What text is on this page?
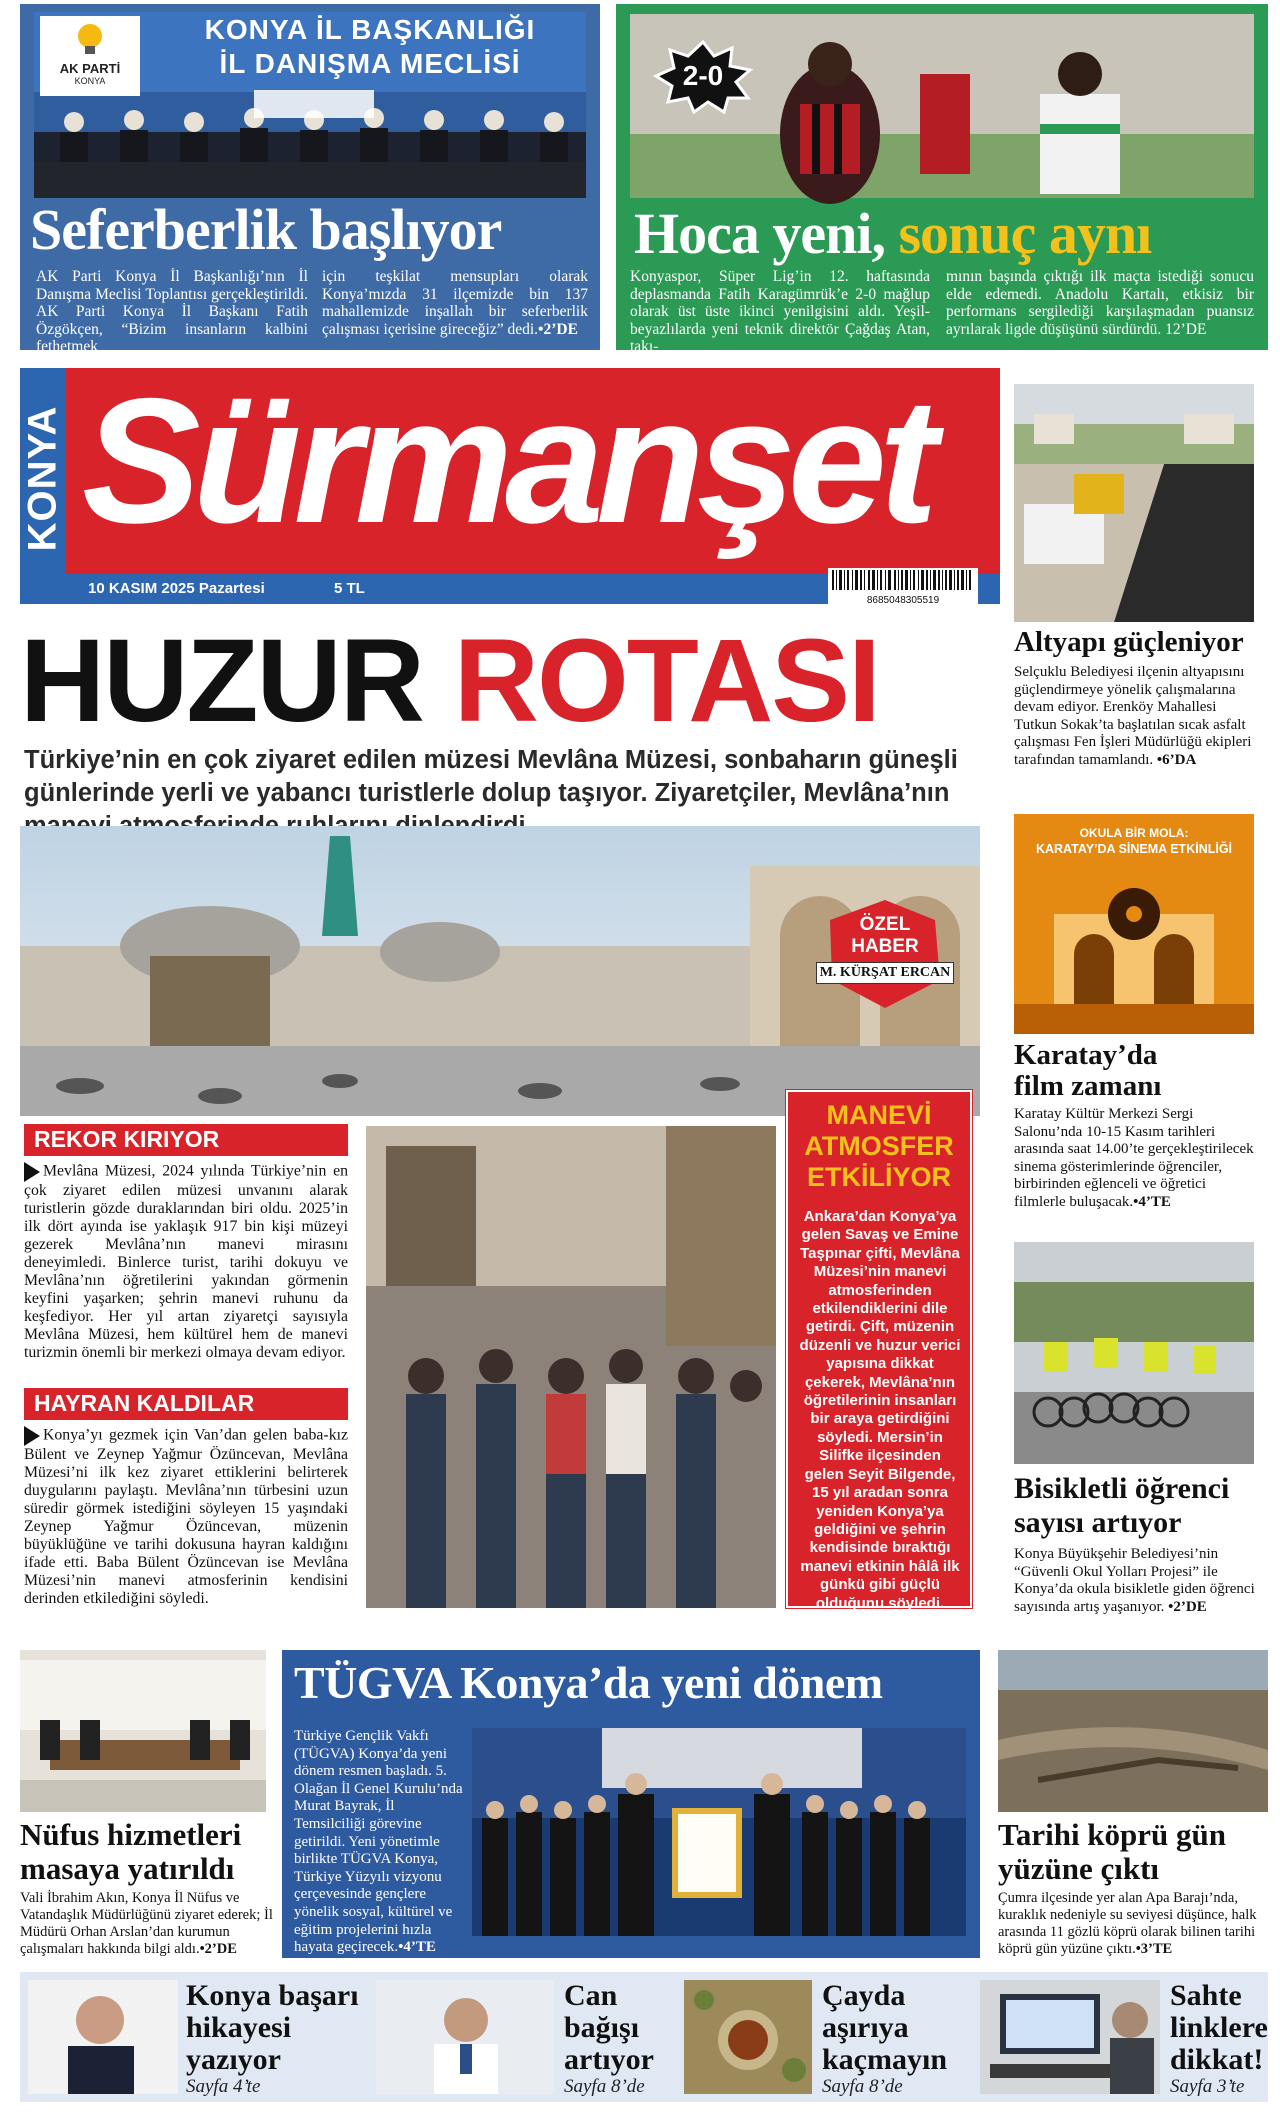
AK PARTİ
KONYA
KONYA İL BAŞKANLIĞI
İL DANIŞMA MECLİSİ
Seferberlik başlıyor
AK Parti Konya İl Başkanlığı’nın İl Danışma Meclisi Toplantısı gerçekleştirildi. AK Parti Konya İl Başkanı Fatih Özgökçen, “Bizim insanların kalbini fethetmek
için teşkilat mensupları olarak Konya’mızda 31 ilçemizde bin 137 mahallemizde inşallah bir seferberlik çalışması içerisine gireceğiz” dedi.•2’DE
2-0
Hoca yeni, sonuç aynı
Konyaspor, Süper Lig’in 12. haftasında deplasmanda Fatih Karagümrük’e 2-0 mağlup olarak üst üste ikinci yenilgisini aldı. Yeşil-beyazlılarda yeni teknik direktör Çağdaş Atan, takı-
mının başında çıktığı ilk maçta istediği sonucu elde edemedi. Anadolu Kartalı, etkisiz bir performans sergilediği karşılaşmadan puansız ayrılarak ligde düşüşünü sürdürdü. 12’DE
KONYA Sürmanşet
10 KASIM 2025 Pazartesi	5 TL
8685048305519
HUZUR ROTASI
Türkiye’nin en çok ziyaret edilen müzesi Mevlâna Müzesi, sonbaharın güneşli günlerinde yerli ve yabancı turistlerle dolup taşıyor. Ziyaretçiler, Mevlâna’nın
ÖZEL
HABER
M. KÜRŞAT ERCAN
REKOR KIRIYOR
Mevlâna Müzesi, 2024 yılında Türkiye’nin en çok ziyaret edilen müzesi unvanını alarak turistlerin gözde duraklarından biri oldu. 2025’in ilk dört ayında ise yaklaşık 917 bin kişi müzeyi gezerek Mevlâna’nın manevi mirasını deneyimledi. Binlerce turist, tarihi dokuyu ve Mevlâna’nın öğretilerini yakından görmenin keyfini yaşarken; şehrin manevi ruhunu da keşfediyor. Her yıl artan ziyaretçi sayısıyla Mevlâna Müzesi, hem kültürel hem de manevi turizmin önemli bir merkezi olmaya devam ediyor.
HAYRAN KALDILAR
Konya’yı gezmek için Van’dan gelen baba-kız Bülent ve Zeynep Yağmur Özüncevan, Mevlâna Müzesi’ni ilk kez ziyaret ettiklerini belirterek duygularını paylaştı. Mevlâna’nın türbesini uzun süredir görmek istediğini söyleyen 15 yaşındaki Zeynep Yağmur Özüncevan, müzenin büyüklüğüne ve tarihi dokusuna hayran kaldığını ifade etti. Baba Bülent Özüncevan ise Mevlâna Müzesi’nin manevi atmosferinin kendisini derinden etkilediğini söyledi.
MANEVİ
ATMOSFER
ETKİLİYOR
Ankara’dan Konya’ya gelen Savaş ve Emine Taşpınar çifti, Mevlâna Müzesi’nin manevi atmosferinden etkilendiklerini dile getirdi. Çift, müzenin düzenli ve huzur verici yapısına dikkat çekerek, Mevlâna’nın öğretilerinin insanları bir araya getirdiğini söyledi. Mersin’in Silifke ilçesinden gelen Seyit Bilgende, 15 yıl aradan sonra yeniden Konya’ya geldiğini ve şehrin kendisinde bıraktığı manevi etkinin hâlâ ilk günkü gibi güçlü olduğunu söyledi. •5’TE
Altyapı güçleniyor
Selçuklu Belediyesi ilçenin altyapısını güçlendirmeye yönelik çalışmalarına devam ediyor. Erenköy Mahallesi Tutkun Sokak’ta başlatılan sıcak asfalt çalışması Fen İşleri Müdürlüğü ekipleri tarafından tamamlandı. •6’DA
OKULA BİR MOLA:
KARATAY’DA SİNEMA ETKİNLİĞİ
Karatay’da film zamanı
Karatay Kültür Merkezi Sergi Salonu’nda 10-15 Kasım tarihleri arasında saat 14.00’te gerçekleştirilecek sinema gösterimlerinde öğrenciler, birbirinden eğlenceli ve öğretici filmlerle buluşacak.•4’TE
Bisikletli öğrenci sayısı artıyor
Konya Büyükşehir Belediyesi’nin “Güvenli Okul Yolları Projesi” ile Konya’da okula bisikletle giden öğrenci sayısında artış yaşanıyor. •2’DE
Nüfus hizmetleri masaya yatırıldı
Vali İbrahim Akın, Konya İl Nüfus ve Vatandaşlık Müdürlüğünü ziyaret ederek; İl Müdürü Orhan Arslan’dan kurumun çalışmaları hakkında bilgi aldı.•2’DE
TÜGVA Konya’da yeni dönem
Türkiye Gençlik Vakfı (TÜGVA) Konya’da yeni dönem resmen başladı. 5. Olağan İl Genel Kurulu’nda Murat Bayrak, İl Temsilciliği görevine getirildi. Yeni yönetimle birlikte TÜGVA Konya, Türkiye Yüzyılı vizyonu çerçevesinde gençlere yönelik sosyal, kültürel ve eğitim projelerini hızla hayata geçirecek.•4’TE
Tarihi köprü gün yüzüne çıktı
Çumra ilçesinde yer alan Apa Barajı’nda, kuraklık nedeniyle su seviyesi düşünce, halk arasında 11 gözlü köprü olarak bilinen tarihi köprü gün yüzüne çıktı.•3’TE
Konya başarı hikayesi yazıyor
Sayfa 4’te
Can bağışı artıyor
Sayfa 8’de
Çayda aşırıya kaçmayın
Sayfa 8’de
Sahte linklere dikkat!
Sayfa 3’te
